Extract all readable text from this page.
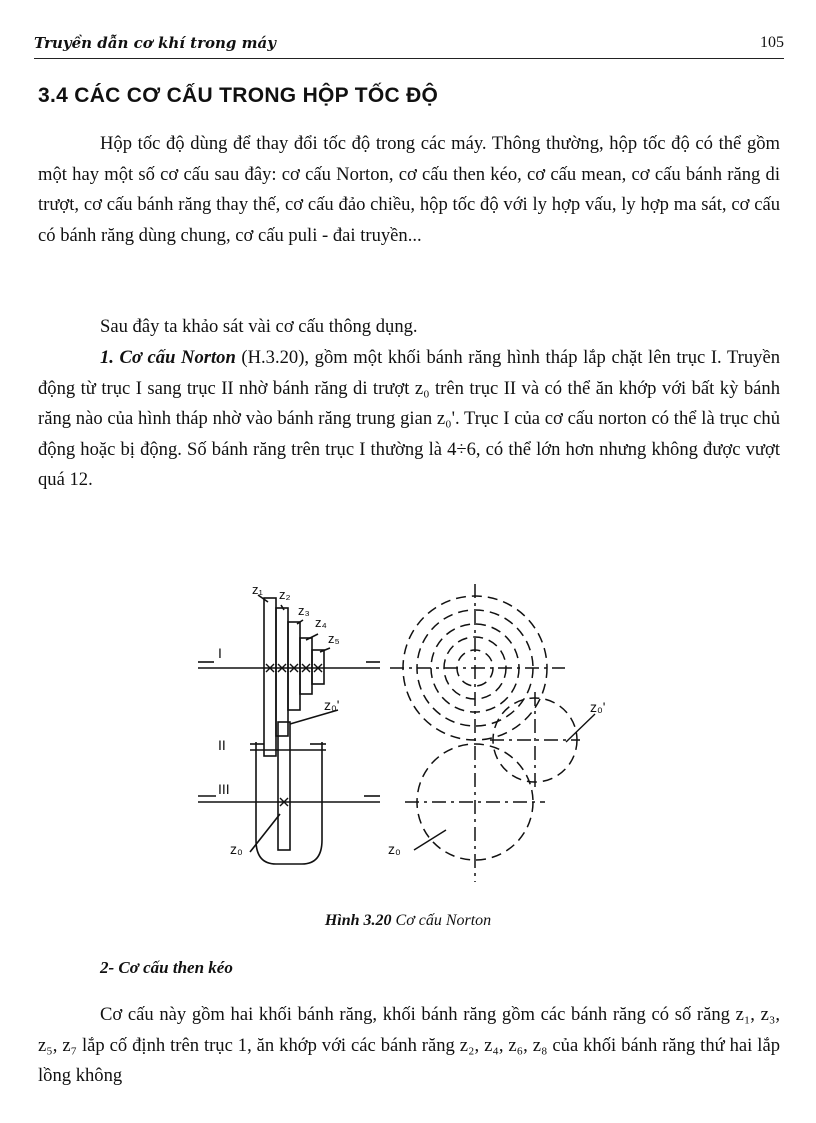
Truyền dẫn cơ khí trong máy	105
3.4 CÁC CƠ CẤU TRONG HỘP TỐC ĐỘ

Hộp tốc độ dùng để thay đổi tốc độ trong các máy. Thông thường, hộp tốc độ có thể gồm một hay một số cơ cấu sau đây: cơ cấu Norton, cơ cấu then kéo, cơ cấu mean, cơ cấu bánh răng di trượt, cơ cấu bánh răng thay thế, cơ cấu đảo chiều, hộp tốc độ với ly hợp vấu, ly hợp ma sát, cơ cấu có bánh răng dùng chung, cơ cấu puli - đai truyền...

Sau đây ta khảo sát vài cơ cấu thông dụng.

1. Cơ cấu Norton (H.3.20), gồm một khối bánh răng hình tháp lắp chặt lên trục I. Truyền động từ trục I sang trục II nhờ bánh răng di trượt z₀ trên trục II và có thể ăn khớp với bất kỳ bánh răng nào của hình tháp nhờ vào bánh răng trung gian z₀'. Trục I của cơ cấu norton có thể là trục chủ động hoặc bị động. Số bánh răng trên trục I thường là 4÷6, có thể lớn hơn nhưng không được vượt quá 12.

z₁ z₂
z₃
z₄
z₅
I
II
III
z₀'
z₀
z₀'
z₀
Hình 3.20 Cơ cấu Norton
2- Cơ cấu then kéo

Cơ cấu này gồm hai khối bánh răng, khối bánh răng gồm các bánh răng có số răng z₁, z₃, z₅, z₇ lắp cố định trên trục 1, ăn khớp với các bánh răng z₂, z₄, z₆, z₈ của khối bánh răng thứ hai lắp lồng không
